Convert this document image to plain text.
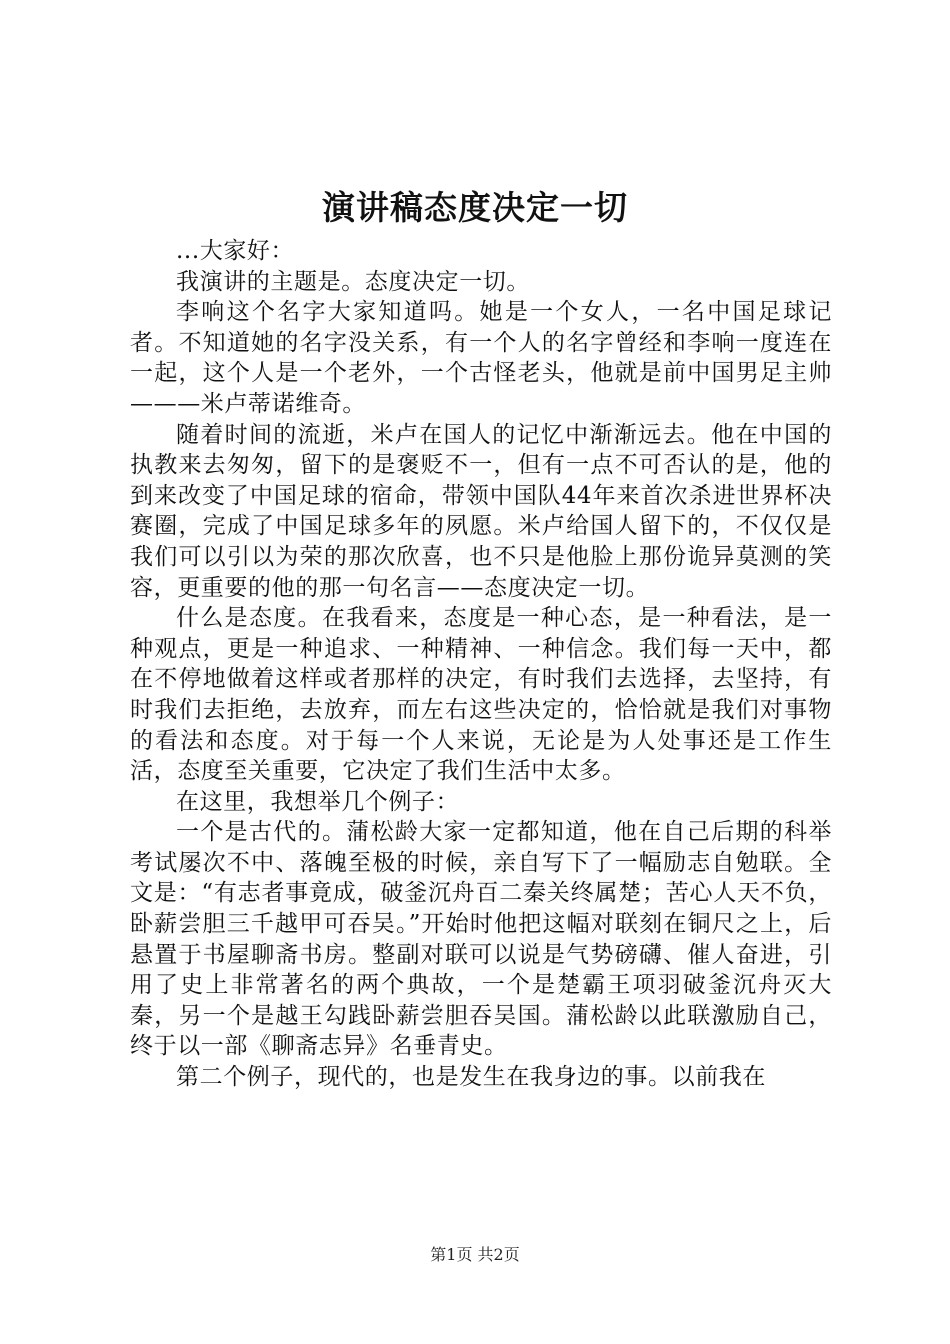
演讲稿态度决定一切

...大家好：

我演讲的主题是。态度决定一切。

李响这个名字大家知道吗。她是一个女人，一名中国足球记者。不知道她的名字没关系，有一个人的名字曾经和李响一度连在一起，这个人是一个老外，一个古怪老头，他就是前中国男足主帅———米卢蒂诺维奇。

随着时间的流逝，米卢在国人的记忆中渐渐远去。他在中国的执教来去匆匆，留下的是褒贬不一，但有一点不可否认的是，他的到来改变了中国足球的宿命，带领中国队44年来首次杀进世界杯决赛圈，完成了中国足球多年的夙愿。米卢给国人留下的，不仅仅是我们可以引以为荣的那次欣喜，也不只是他脸上那份诡异莫测的笑容，更重要的他的那一句名言——态度决定一切。

什么是态度。在我看来，态度是一种心态，是一种看法，是一种观点，更是一种追求、一种精神、一种信念。我们每一天中，都在不停地做着这样或者那样的决定，有时我们去选择，去坚持，有时我们去拒绝，去放弃，而左右这些决定的，恰恰就是我们对事物的看法和态度。对于每一个人来说，无论是为人处事还是工作生活，态度至关重要，它决定了我们生活中太多。

在这里，我想举几个例子：

一个是古代的。蒲松龄大家一定都知道，他在自己后期的科举考试屡次不中、落魄至极的时候，亲自写下了一幅励志自勉联。全文是：“有志者事竟成，破釜沉舟百二秦关终属楚；苦心人天不负，卧薪尝胆三千越甲可吞吴。”开始时他把这幅对联刻在铜尺之上，后悬置于书屋聊斋书房。整副对联可以说是气势磅礴、催人奋进，引用了史上非常著名的两个典故，一个是楚霸王项羽破釜沉舟灭大秦，另一个是越王勾践卧薪尝胆吞吴国。蒲松龄以此联激励自己，终于以一部《聊斋志异》名垂青史。

第二个例子，现代的，也是发生在我身边的事。以前我在

第1页 共2页
